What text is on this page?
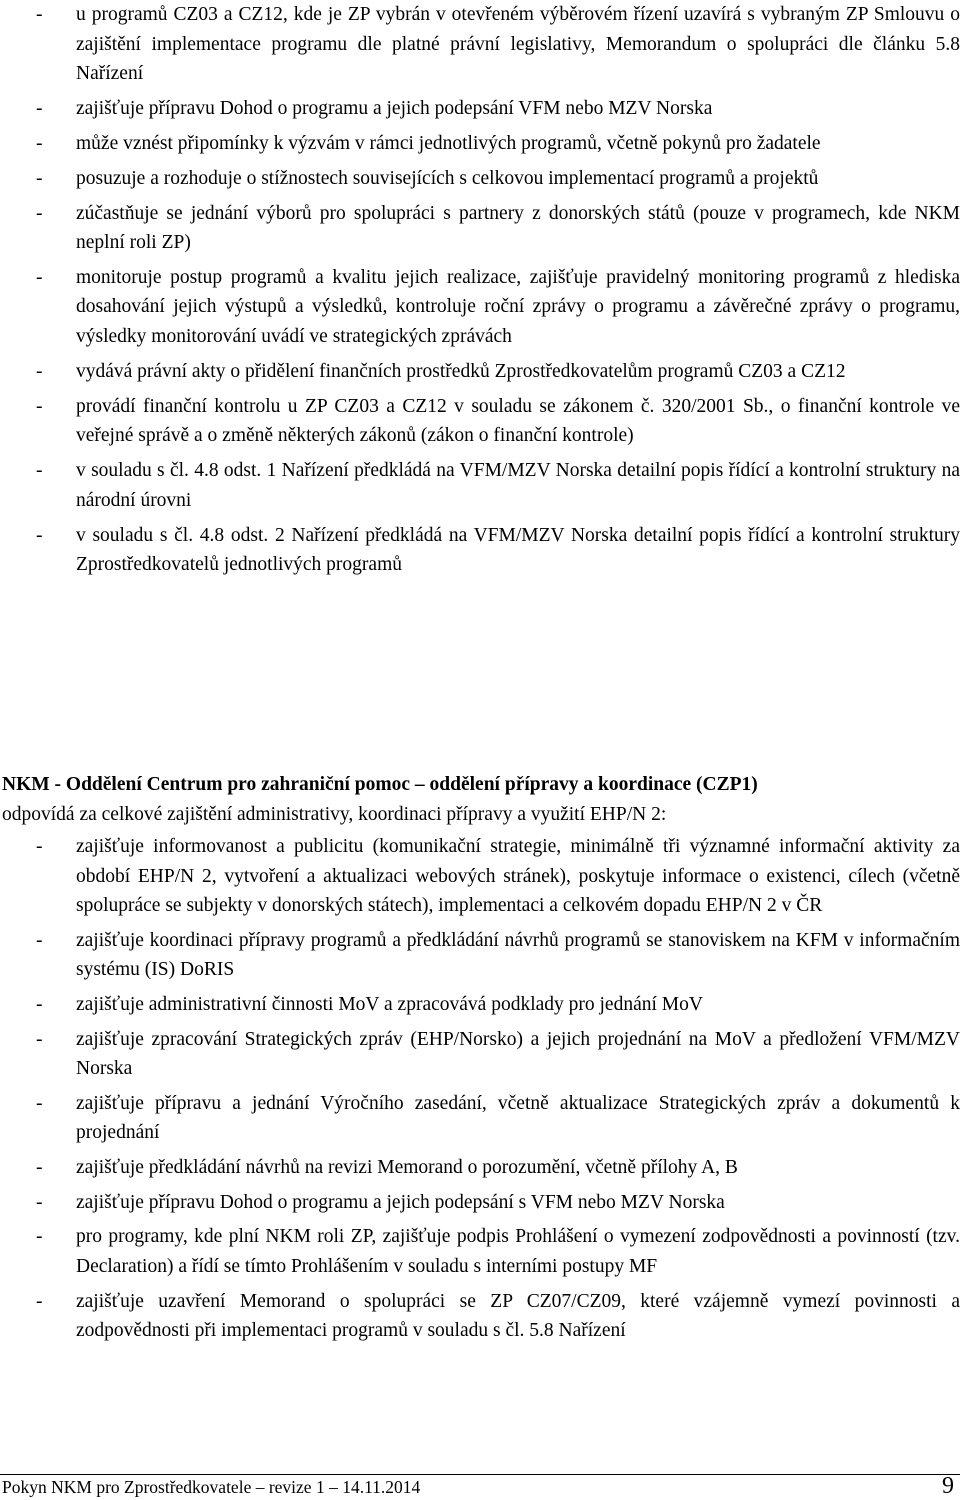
- u programů CZ03 a CZ12, kde je ZP vybrán v otevřeném výběrovém řízení uzavírá s vybraným ZP Smlouvu o zajištění implementace programu dle platné právní legislativy, Memorandum o spolupráci dle článku 5.8 Nařízení
- zajišťuje přípravu Dohod o programu a jejich podepsání VFM nebo MZV Norska
- může vznést připomínky k výzvám v rámci jednotlivých programů, včetně pokynů pro žadatele
- posuzuje a rozhoduje o stížnostech souvisejících s celkovou implementací programů a projektů
- zúčastňuje se jednání výborů pro spolupráci s partnery z donorských států (pouze v programech, kde NKM neplní roli ZP)
- monitoruje postup programů a kvalitu jejich realizace, zajišťuje pravidelný monitoring programů z hlediska dosahování jejich výstupů a výsledků, kontroluje roční zprávy o programu a závěrečné zprávy o programu, výsledky monitorování uvádí ve strategických zprávách
- vydává právní akty o přidělení finančních prostředků Zprostředkovatelům programů CZ03 a CZ12
- provádí finanční kontrolu u ZP CZ03 a CZ12 v souladu se zákonem č. 320/2001 Sb., o finanční kontrole ve veřejné správě a o změně některých zákonů (zákon o finanční kontrole)
- v souladu s čl. 4.8 odst. 1 Nařízení předkládá na VFM/MZV Norska detailní popis řídící a kontrolní struktury na národní úrovni
- v souladu s čl. 4.8 odst. 2 Nařízení předkládá na VFM/MZV Norska detailní popis řídící a kontrolní struktury Zprostředkovatelů jednotlivých programů
NKM - Oddělení Centrum pro zahraniční pomoc – oddělení přípravy a koordinace (CZP1)
odpovídá za celkové zajištění administrativy, koordinaci přípravy a využití EHP/N 2:
- zajišťuje informovanost a publicitu (komunikační strategie, minimálně tři významné informační aktivity za období EHP/N 2, vytvoření a aktualizaci webových stránek), poskytuje informace o existenci, cílech (včetně spolupráce se subjekty v donorských státech), implementaci a celkovém dopadu EHP/N 2 v ČR
- zajišťuje koordinaci přípravy programů a předkládání návrhů programů se stanoviskem na KFM v informačním systému (IS) DoRIS
- zajišťuje administrativní činnosti MoV a zpracovává podklady pro jednání MoV
- zajišťuje zpracování Strategických zpráv (EHP/Norsko) a jejich projednání na MoV a předložení VFM/MZV Norska
- zajišťuje přípravu a jednání Výročního zasedání, včetně aktualizace Strategických zpráv a dokumentů k projednání
- zajišťuje předkládání návrhů na revizi Memorand o porozumění, včetně přílohy A, B
- zajišťuje přípravu Dohod o programu a jejich podepsání s VFM nebo MZV Norska
- pro programy, kde plní NKM roli ZP, zajišťuje podpis Prohlášení o vymezení zodpovědnosti a povinností (tzv. Declaration) a řídí se tímto Prohlášením v souladu s interními postupy MF
- zajišťuje uzavření Memorand o spolupráci se ZP CZ07/CZ09, které vzájemně vymezí povinnosti a zodpovědnosti při implementaci programů v souladu s čl. 5.8 Nařízení
Pokyn NKM pro Zprostředkovatele – revize 1 – 14.11.2014	9
